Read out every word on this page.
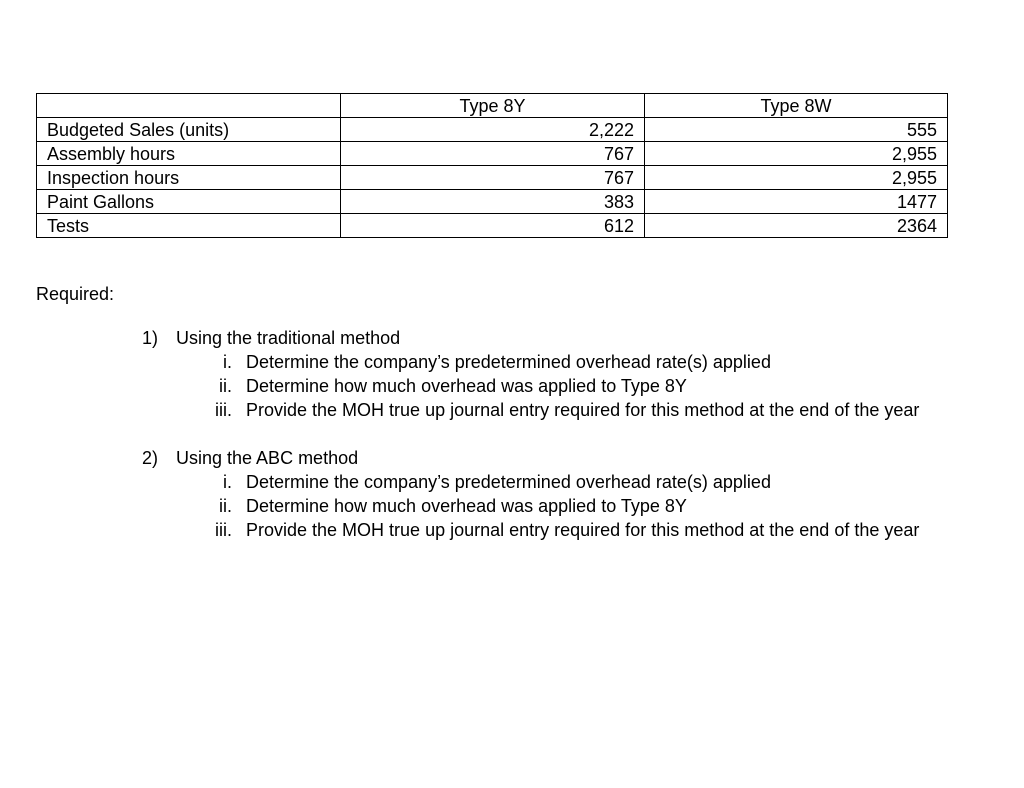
	Type 8Y	Type 8W
Budgeted Sales (units)	2,222	555
Assembly hours	767	2,955
Inspection hours	767	2,955
Paint Gallons	383	1477
Tests	612	2364
Required:
1) Using the traditional method
i. Determine the company’s predetermined overhead rate(s) applied
ii. Determine how much overhead was applied to Type 8Y
iii. Provide the MOH true up journal entry required for this method at the end of the year
2) Using the ABC method
i. Determine the company’s predetermined overhead rate(s) applied
ii. Determine how much overhead was applied to Type 8Y
iii. Provide the MOH true up journal entry required for this method at the end of the year
